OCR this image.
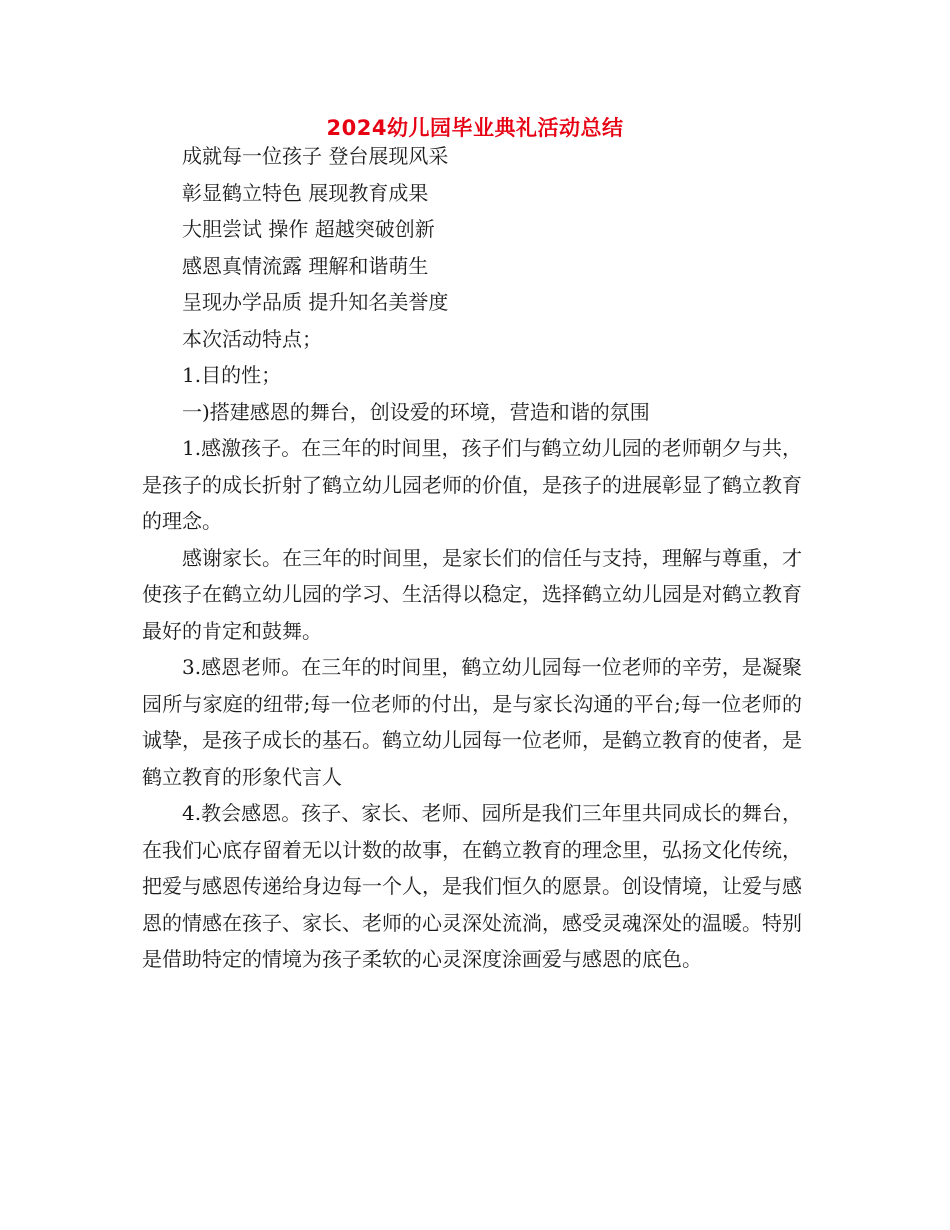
2024幼儿园毕业典礼活动总结

成就每一位孩子 登台展现风采

彰显鹤立特色 展现教育成果

大胆尝试 操作 超越突破创新

感恩真情流露 理解和谐萌生

呈现办学品质 提升知名美誉度

本次活动特点；

1.目的性；

一)搭建感恩的舞台，创设爱的环境，营造和谐的氛围

1.感激孩子。在三年的时间里，孩子们与鹤立幼儿园的老师朝夕与共，是孩子的成长折射了鹤立幼儿园老师的价值，是孩子的进展彰显了鹤立教育的理念。

感谢家长。在三年的时间里，是家长们的信任与支持，理解与尊重，才使孩子在鹤立幼儿园的学习、生活得以稳定，选择鹤立幼儿园是对鹤立教育最好的肯定和鼓舞。

3.感恩老师。在三年的时间里，鹤立幼儿园每一位老师的辛劳，是凝聚园所与家庭的纽带;每一位老师的付出，是与家长沟通的平台;每一位老师的诚挚，是孩子成长的基石。鹤立幼儿园每一位老师，是鹤立教育的使者，是鹤立教育的形象代言人

4.教会感恩。孩子、家长、老师、园所是我们三年里共同成长的舞台，在我们心底存留着无以计数的故事，在鹤立教育的理念里，弘扬文化传统，把爱与感恩传递给身边每一个人，是我们恒久的愿景。创设情境，让爱与感恩的情感在孩子、家长、老师的心灵深处流淌，感受灵魂深处的温暖。特别是借助特定的情境为孩子柔软的心灵深度涂画爱与感恩的底色。
